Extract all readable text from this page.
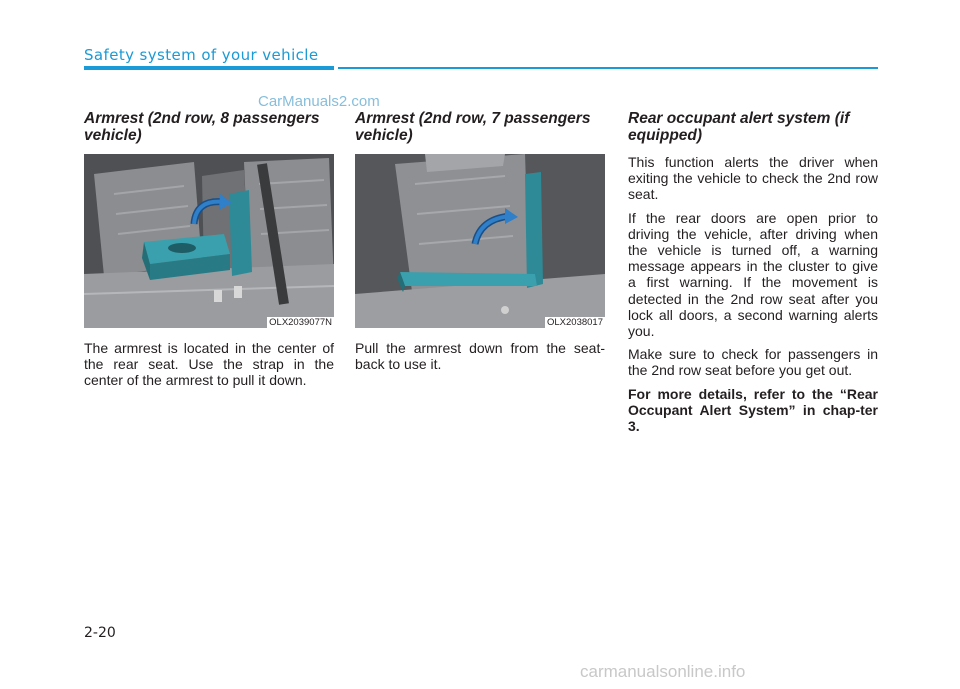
Safety system of your vehicle
CarManuals2.com
Armrest (2nd row, 8 passengers vehicle)
OLX2039077N

The armrest is located in the center of the rear seat. Use the strap in the center of the armrest to pull it down.

Armrest (2nd row, 7 passengers vehicle)
OLX2038017

Pull the armrest down from the seat-back to use it.

Rear occupant alert system (if equipped)

This function alerts the driver when exiting the vehicle to check the 2nd row seat.

If the rear doors are open prior to driving the vehicle, after driving when the vehicle is turned off, a warning message appears in the cluster to give a first warning. If the movement is detected in the 2nd row seat after you lock all doors, a second warning alerts you.

Make sure to check for passengers in the 2nd row seat before you get out.

For more details, refer to the “Rear Occupant Alert System” in chap-ter 3.

2-20
carmanualsonline.info
